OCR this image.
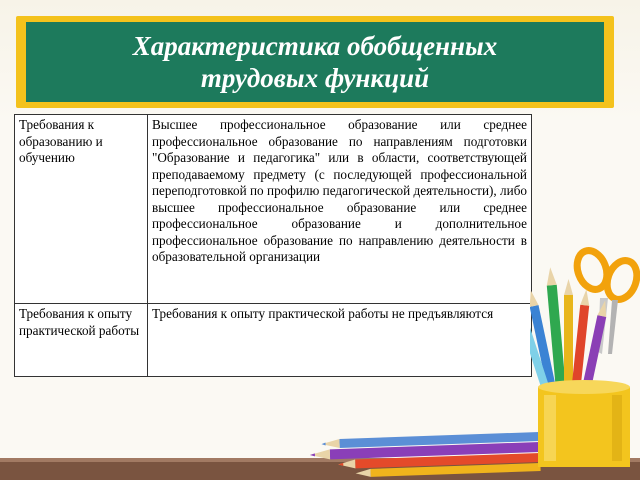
Характеристика обобщенных трудовых функций
Требования к образованию и обучению	Высшее профессиональное образование или среднее профессиональное образование по направлениям подготовки "Образование и педагогика" или в области, соответствующей преподаваемому предмету (с последующей профессиональной переподготовкой по профилю педагогической деятельности), либо высшее профессиональное образование или среднее профессиональное образование и дополнительное профессиональное образование по направлению деятельности в образовательной организации
Требования к опыту практической работы	Требования к опыту практической работы не предъявляются
